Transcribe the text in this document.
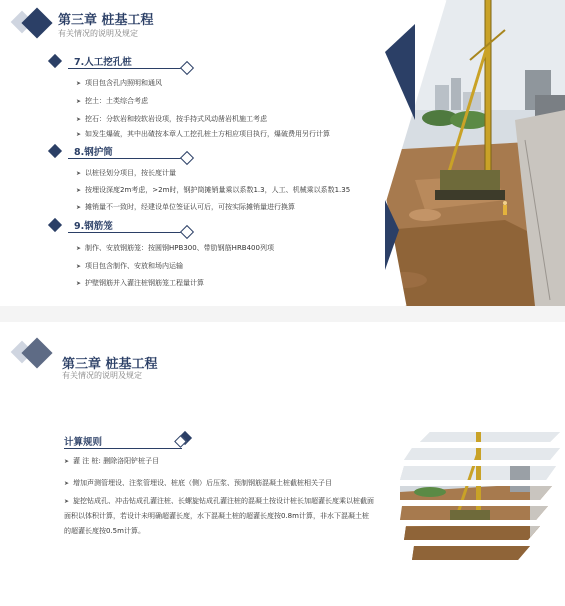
第三章 桩基工程
有关情况的说明及规定
7.人工挖孔桩
➤ 项目包含孔内照明和通风
➤ 挖土：土类综合考虑
➤ 挖石：分软岩和较软岩设项，按手持式风动凿岩机施工考虑
➤ 如发生爆破，其中出碴按本章人工挖孔桩土方相应项目执行，爆破费用另行计算
8.钢护筒
➤ 以桩径划分项目，按长度计量
➤ 按埋设深度2m考虑，>2m时，钢护筒摊销量乘以系数1.3，人工、机械乘以系数1.35
➤ 摊销量不一致时，经建设单位签证认可后，可按实际摊销量进行换算
9.钢筋笼
➤ 制作、安放钢筋笼：按圆钢HPB300、带肋钢筋HRB400列项
➤ 项目包含制作、安放和场内运输
➤ 护壁钢筋并入灌注桩钢筋笼工程量计算
第三章 桩基工程
有关情况的说明及规定
计算规则
➤ 灌 注 桩: 删除洛阳铲桩子目
➤ 增加声测管埋设、注浆管埋设、桩底（侧）后压浆、预制钢筋混凝土桩截桩相关子目
➤ 旋挖钻成孔、冲击钻成孔灌注桩、长螺旋钻成孔灌注桩的混凝土按设计桩长加超灌长度乘以桩截面
面积以体积计算，若设计未明确超灌长度，水下混凝土桩的超灌长度按0.8m计算，非水下混凝土桩
的超灌长度按0.5m计算。
